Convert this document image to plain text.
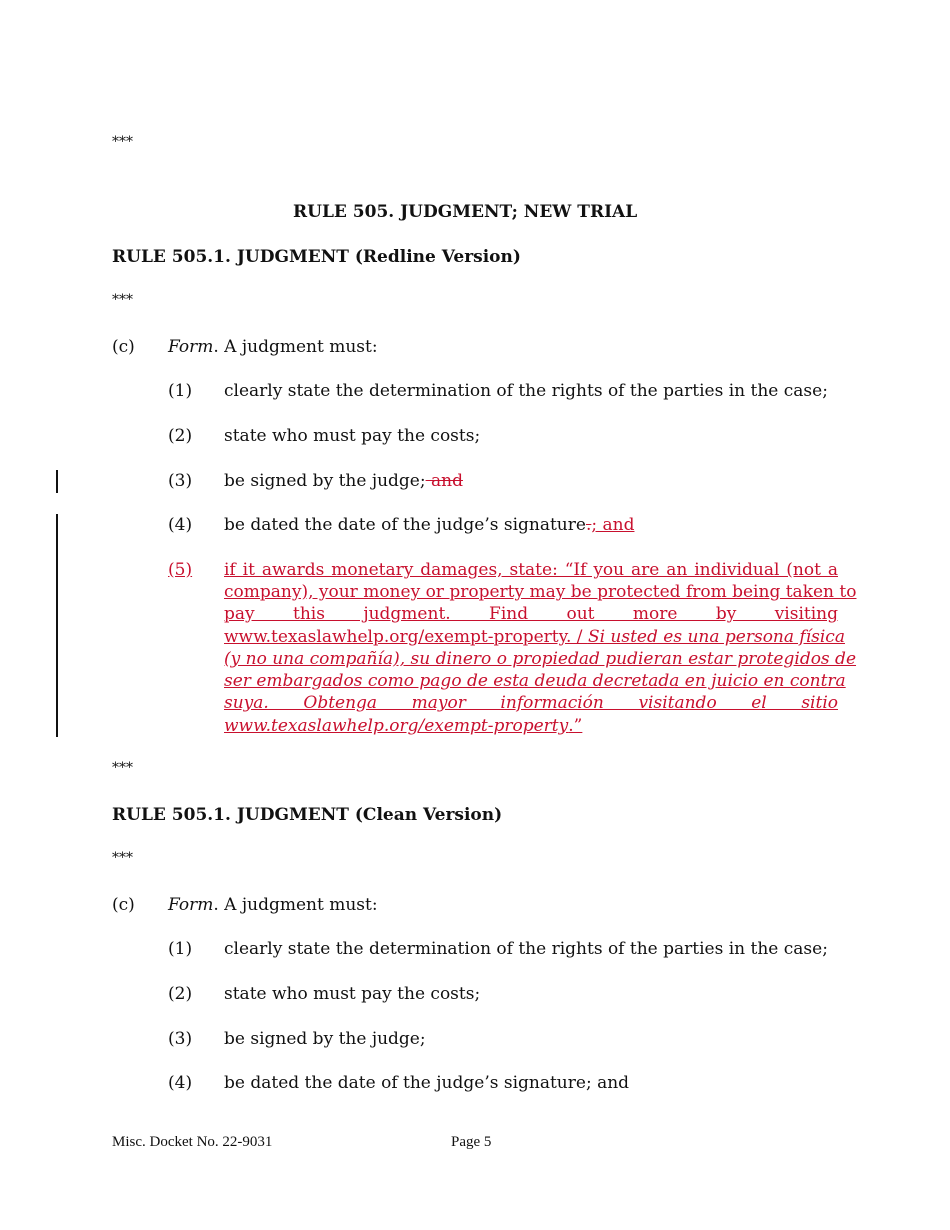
***
RULE 505. JUDGMENT; NEW TRIAL
RULE 505.1. JUDGMENT (Redline Version)
***
(c) Form. A judgment must:
(1) clearly state the determination of the rights of the parties in the case;
(2) state who must pay the costs;
(3) be signed by the judge; and
(4) be dated the date of the judge’s signature.; and
(5)	if it awards monetary damages, state: “If you are an individual (not a
company), your money or property may be protected from being taken to
pay this judgment. Find out more by visiting
www.texaslawhelp.org/exempt-property. / Si usted es una persona física
(y no una compañía), su dinero o propiedad pudieran estar protegidos de
ser embargados como pago de esta deuda decretada en juicio en contra
suya. Obtenga mayor información visitando el sitio
www.texaslawhelp.org/exempt-property.”
***
RULE 505.1. JUDGMENT (Clean Version)
***
(c) Form. A judgment must:
(1) clearly state the determination of the rights of the parties in the case;
(2) state who must pay the costs;
(3) be signed by the judge;
(4) be dated the date of the judge’s signature; and
Misc. Docket No. 22-9031	Page 5
